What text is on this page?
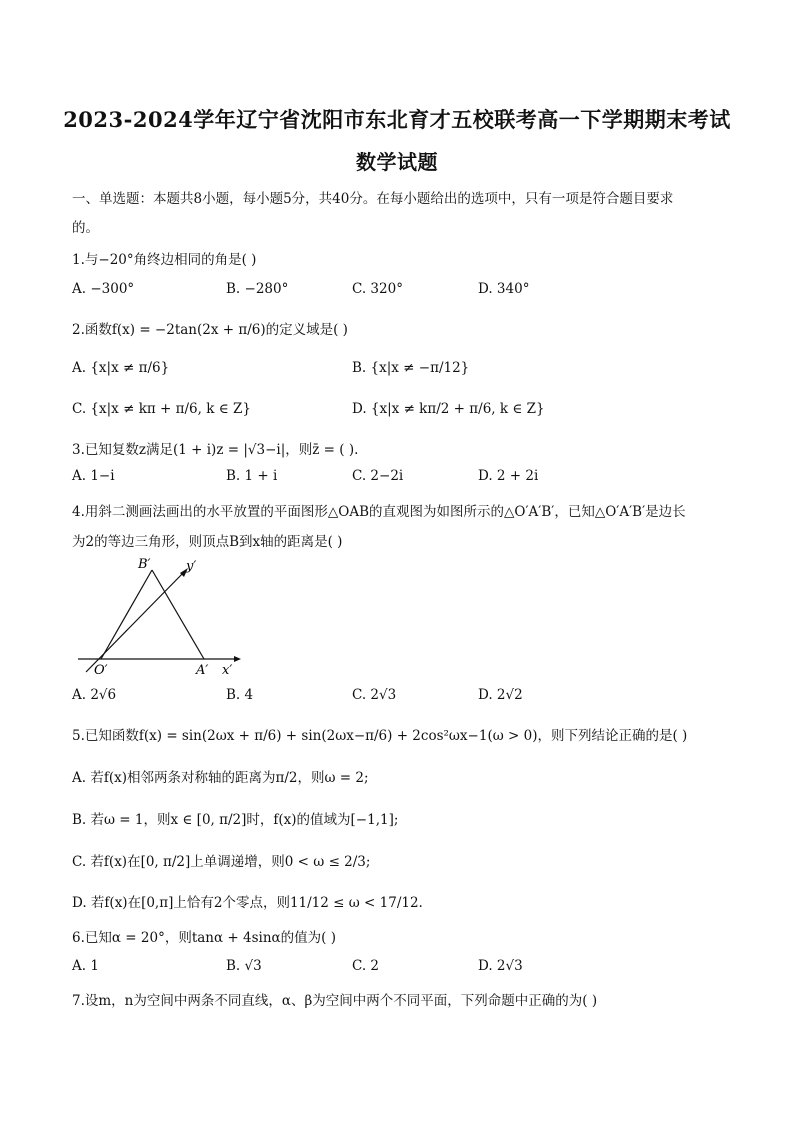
2023-2024学年辽宁省沈阳市东北育才五校联考高一下学期期末考试
数学试题
一、单选题：本题共8小题，每小题5分，共40分。在每小题给出的选项中，只有一项是符合题目要求
的。
1.与−20°角终边相同的角是( )
A. −300°	B. −280°	C. 320°	D. 340°
2.函数f(x) = −2tan(2x + π/6)的定义域是( )
A. {x|x ≠ π/6}	B. {x|x ≠ −π/12}
C. {x|x ≠ kπ + π/6, k ∈ Z}	D. {x|x ≠ kπ/2 + π/6, k ∈ Z}
3.已知复数z满足(1 + i)z = |√3−i|，则z̄ = ( ).
A. 1−i	B. 1 + i	C. 2−2i	D. 2 + 2i
4.用斜二测画法画出的水平放置的平面图形△OAB的直观图为如图所示的△O′A′B′，已知△O′A′B′是边长
为2的等边三角形，则顶点B到x轴的距离是( )
B′	y′
O′	A′ x′
A. 2√6	B. 4	C. 2√3	D. 2√2
5.已知函数f(x) = sin(2ωx + π/6) + sin(2ωx−π/6) + 2cos²ωx−1(ω > 0)，则下列结论正确的是( )
A. 若f(x)相邻两条对称轴的距离为π/2，则ω = 2;
B. 若ω = 1，则x ∈ [0, π/2]时，f(x)的值域为[−1,1];
C. 若f(x)在[0, π/2]上单调递增，则0 < ω ≤ 2/3;
D. 若f(x)在[0,π]上恰有2个零点，则11/12 ≤ ω < 17/12.
6.已知α = 20°，则tanα + 4sinα的值为( )
A. 1	B. √3	C. 2	D. 2√3
7.设m，n为空间中两条不同直线，α、β为空间中两个不同平面，下列命题中正确的为( )
